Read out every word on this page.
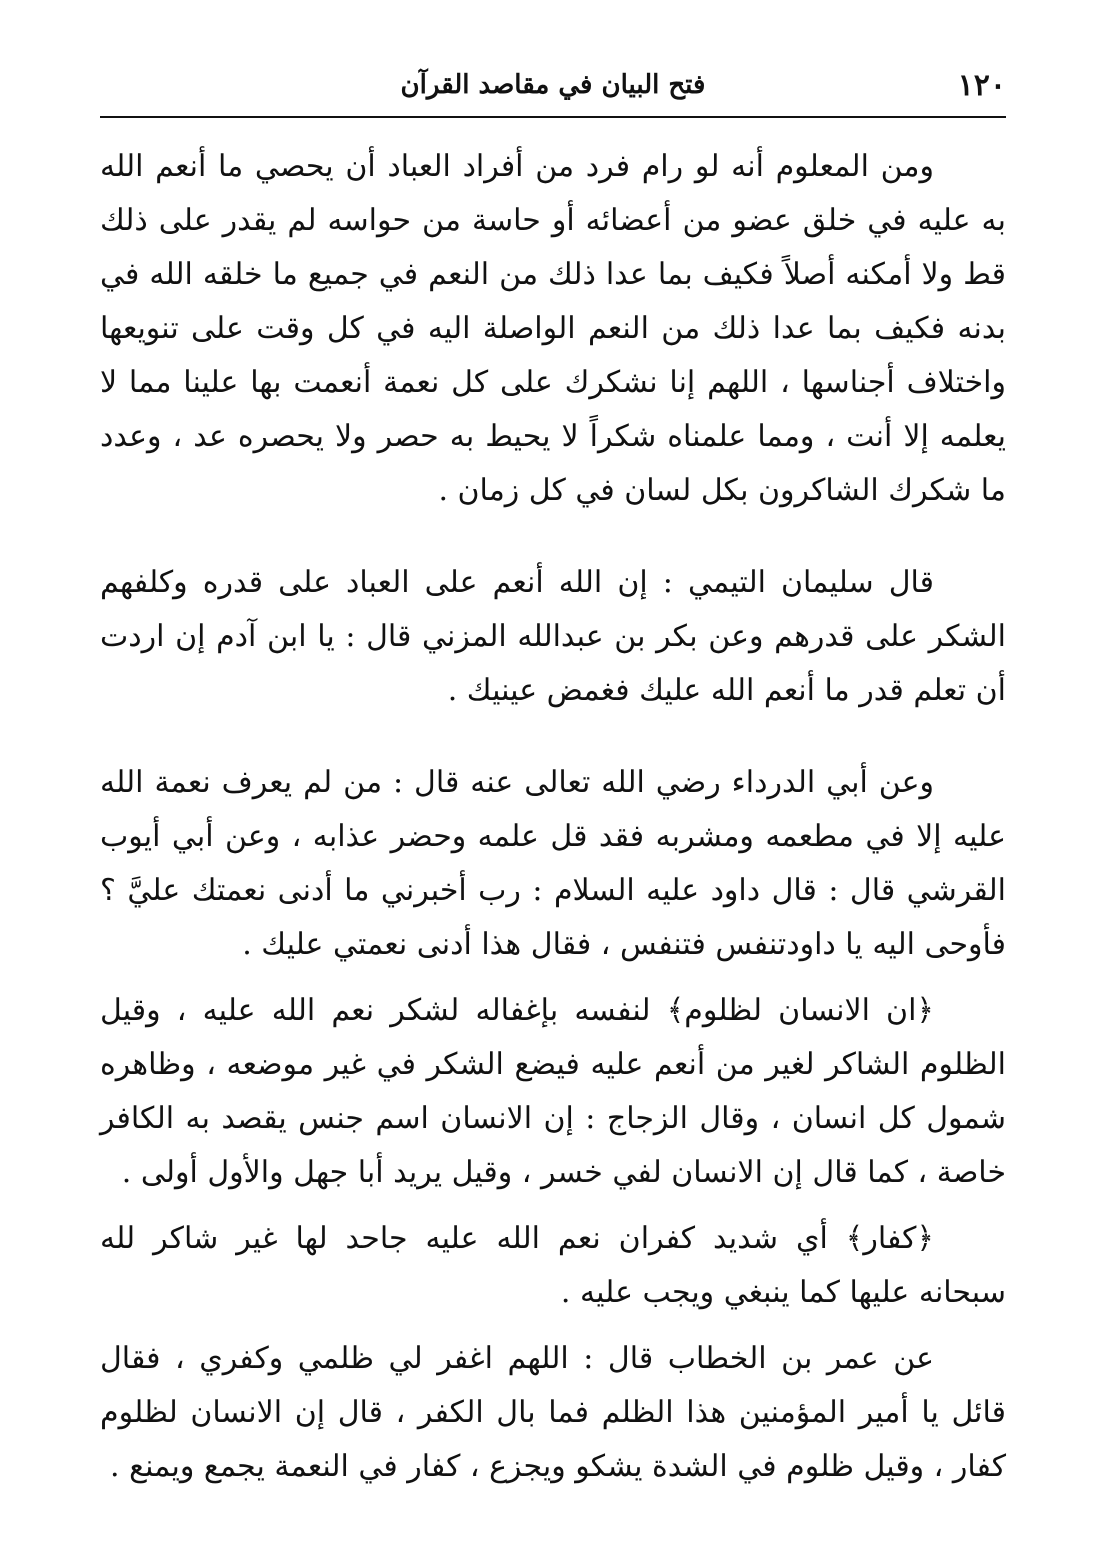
١٢٠
فتح البيان في مقاصد القرآن

ومن المعلوم أنه لو رام فرد من أفراد العباد أن يحصي ما أنعم الله به عليه في خلق عضو من أعضائه أو حاسة من حواسه لم يقدر على ذلك قط ولا أمكنه أصلاً فكيف بما عدا ذلك من النعم في جميع ما خلقه الله في بدنه فكيف بما عدا ذلك من النعم الواصلة اليه في كل وقت على تنويعها واختلاف أجناسها ، اللهم إنا نشكرك على كل نعمة أنعمت بها علينا مما لا يعلمه إلا أنت ، ومما علمناه شكراً لا يحيط به حصر ولا يحصره عد ، وعدد ما شكرك الشاكرون بكل لسان في كل زمان .

قال سليمان التيمي : إن الله أنعم على العباد على قدره وكلفهم الشكر على قدرهم وعن بكر بن عبدالله المزني قال : يا ابن آدم إن اردت أن تعلم قدر ما أنعم الله عليك فغمض عينيك .

وعن أبي الدرداء رضي الله تعالى عنه قال : من لم يعرف نعمة الله عليه إلا في مطعمه ومشربه فقد قل علمه وحضر عذابه ، وعن أبي أيوب القرشي قال : قال داود عليه السلام : رب أخبرني ما أدنى نعمتك عليَّ ؟ فأوحى اليه يا داودتنفس فتنفس ، فقال هذا أدنى نعمتي عليك .

﴿ان الانسان لظلوم﴾ لنفسه بإغفاله لشكر نعم الله عليه ، وقيل الظلوم الشاكر لغير من أنعم عليه فيضع الشكر في غير موضعه ، وظاهره شمول كل انسان ، وقال الزجاج : إن الانسان اسم جنس يقصد به الكافر خاصة ، كما قال إن الانسان لفي خسر ، وقيل يريد أبا جهل والأول أولى .

﴿كفار﴾ أي شديد كفران نعم الله عليه جاحد لها غير شاكر لله سبحانه عليها كما ينبغي ويجب عليه .

عن عمر بن الخطاب قال : اللهم اغفر لي ظلمي وكفري ، فقال قائل يا أمير المؤمنين هذا الظلم فما بال الكفر ، قال إن الانسان لظلوم كفار ، وقيل ظلوم في الشدة يشكو ويجزع ، كفار في النعمة يجمع ويمنع .
